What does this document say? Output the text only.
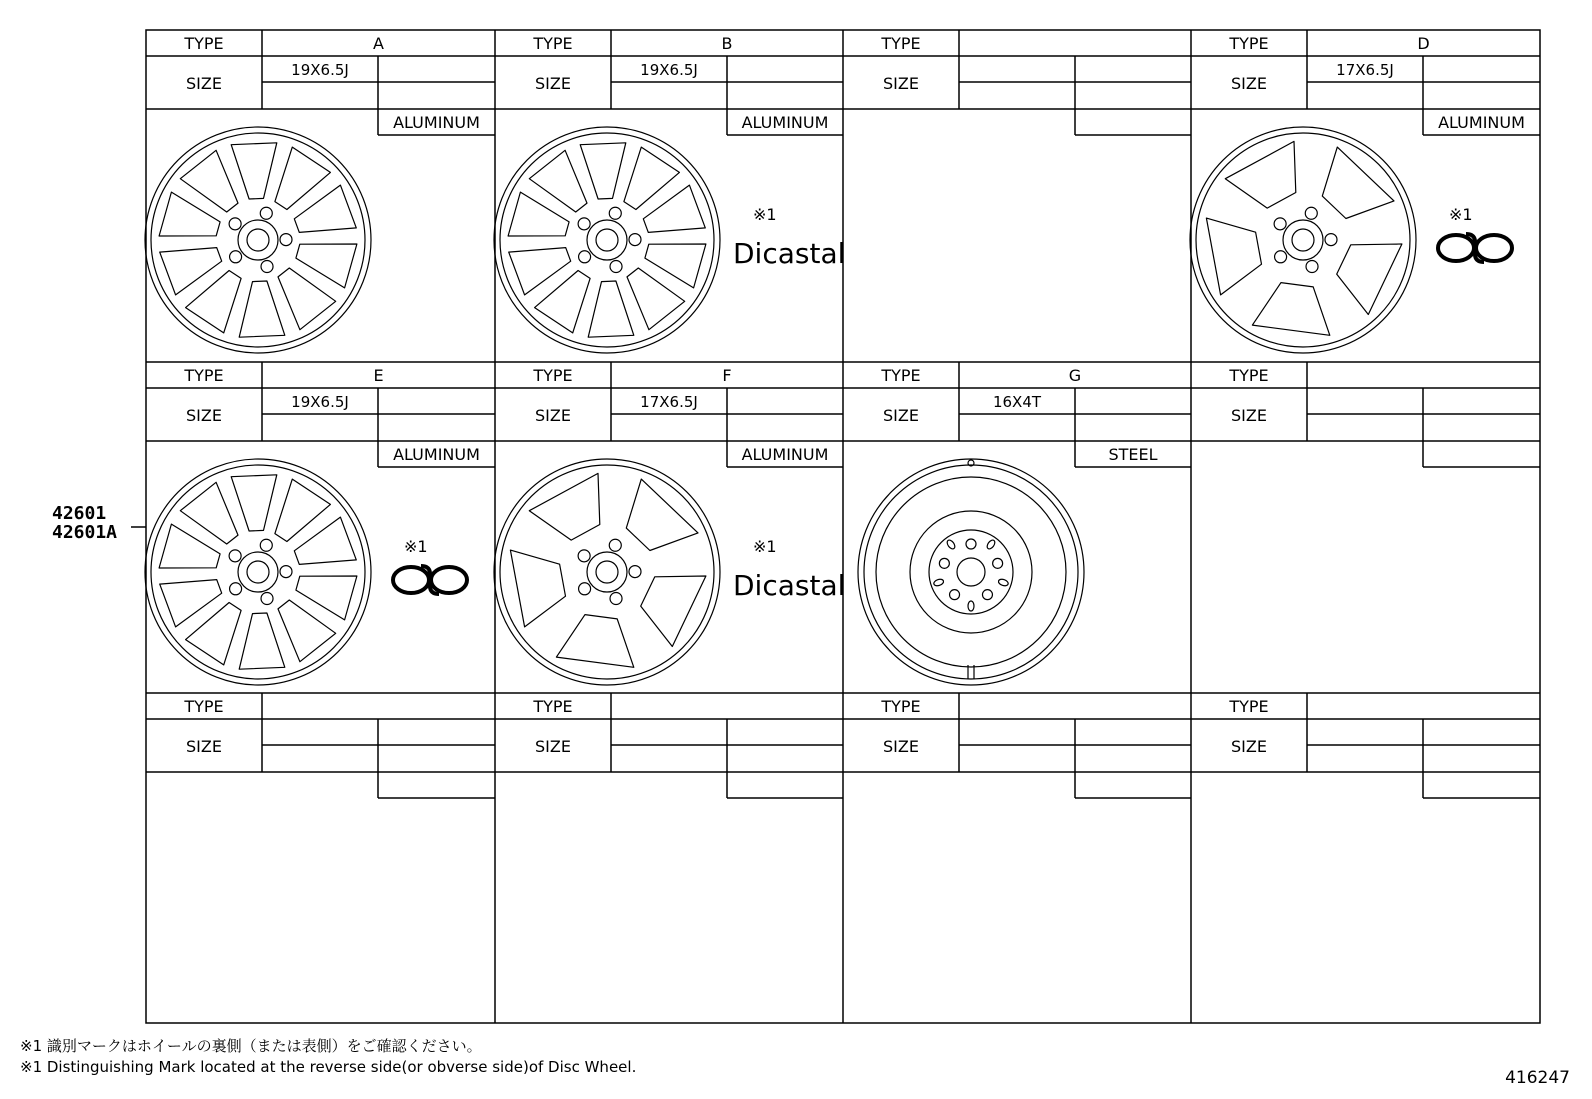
TYPE
SIZE
A
19X6.5J
ALUMINUM
TYPE
SIZE
B
19X6.5J
ALUMINUM
※1
Dicastal
TYPE
SIZE
TYPE
SIZE
D
17X6.5J
ALUMINUM
※1
TYPE
SIZE
E
19X6.5J
ALUMINUM
※1
TYPE
SIZE
F
17X6.5J
ALUMINUM
※1
Dicastal
TYPE
SIZE
G
16X4T
STEEL
TYPE
SIZE
TYPE
SIZE
TYPE
SIZE
TYPE
SIZE
TYPE
SIZE
42601
42601A
※1 識別マークはホイールの裏側（または表側）をご確認ください。
※1 Distinguishing Mark located at the reverse side(or obverse side)of Disc Wheel.
416247
